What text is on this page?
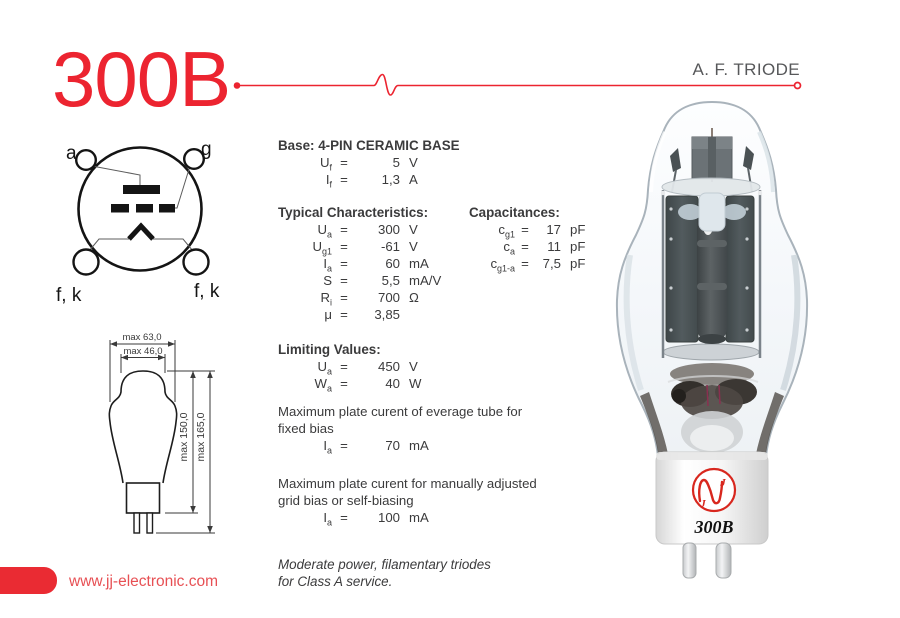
300B	A. F. TRIODE
a	g
f, k	f, k
max 63,0
max 46,0
max 150,0 max 165,0
Base: 4-PIN CERAMIC BASE
$U_f$ =	5 V
$I_f$ =	1,3 A
Typical Characteristics:
$U_a$ =	300 V
$U_{g1}$ =	-61 V
$I_a$ =	60 mA
S =	5,5 mA/V
$R_i$ =	700 Ω
μ =	3,85
Capacitances:
$c_{g1}$ =	17 pF
$c_a$ =	11 pF
$c_{g1-a}$ =	7,5 pF
Limiting Values:
$U_a$ =	450 V
$W_a$ =	40 W
Maximum plate curent of everage tube for
fixed bias
$I_a$ =	70 mA
Maximum plate curent for manually adjusted
grid bias or self-biasing
$I_a$ =	100 mA
Moderate power, filamentary triodes
for Class A service.
J
J
300B
www.jj-electronic.com
